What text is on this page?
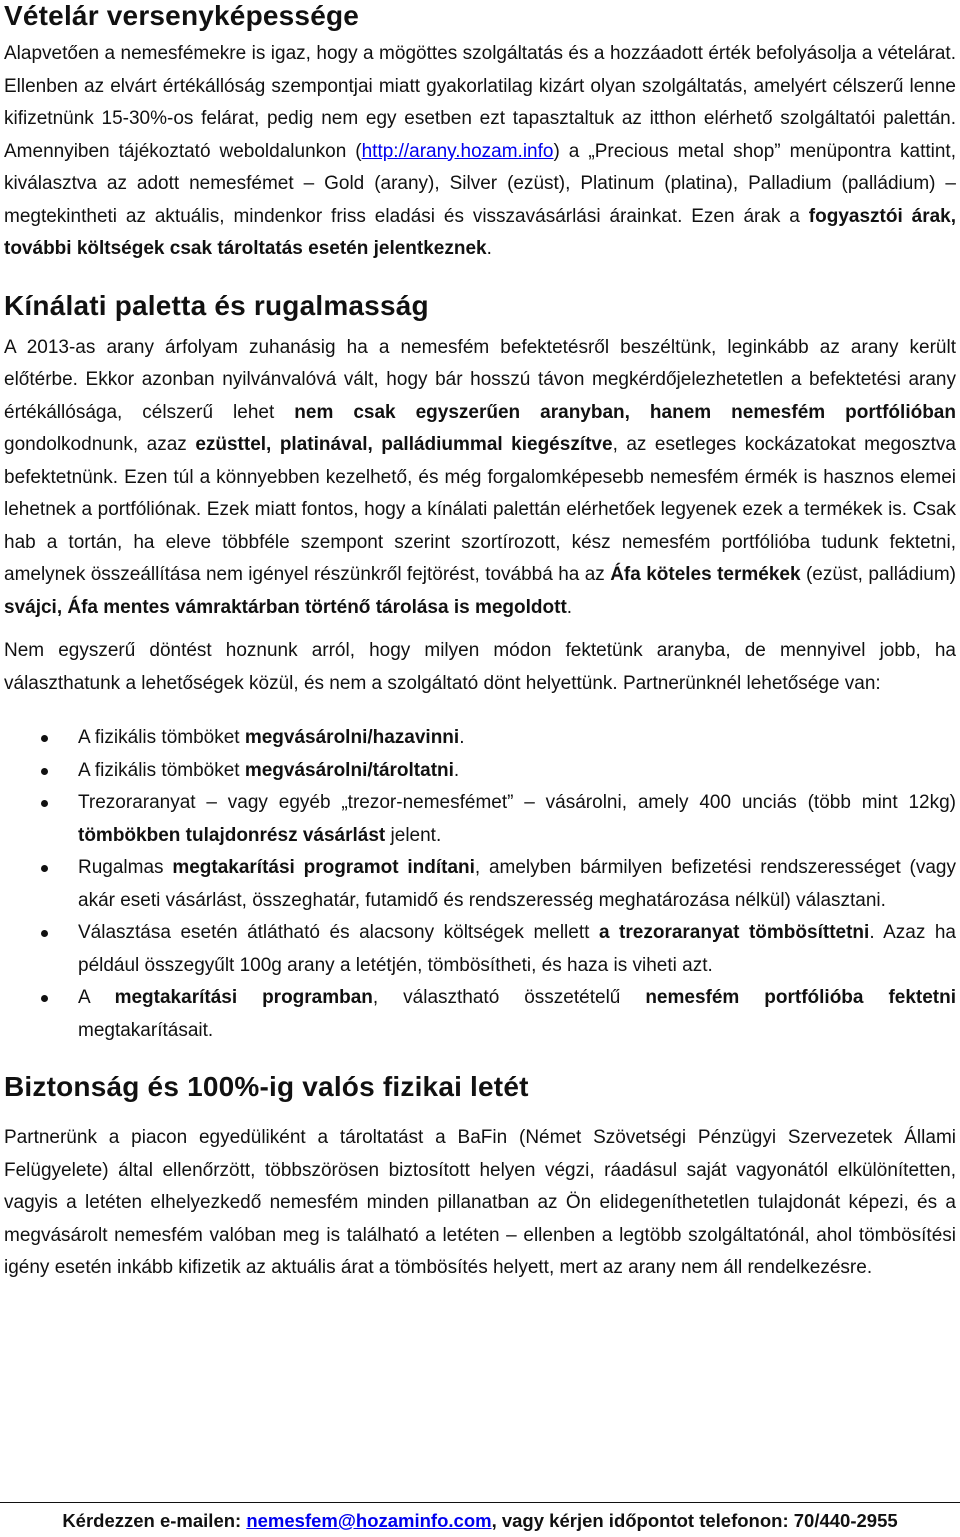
Vételár versenyképessége

Alapvetően a nemesfémekre is igaz, hogy a mögöttes szolgáltatás és a hozzáadott érték befolyásolja a vételárat. Ellenben az elvárt értékállóság szempontjai miatt gyakorlatilag kizárt olyan szolgáltatás, amelyért célszerű lenne kifizetnünk 15-30%-os felárat, pedig nem egy esetben ezt tapasztaltuk az itthon elérhető szolgáltatói palettán. Amennyiben tájékoztató weboldalunkon (http://arany.hozam.info) a „Precious metal shop” menüpontra kattint, kiválasztva az adott nemesfémet – Gold (arany), Silver (ezüst), Platinum (platina), Palladium (palládium) – megtekintheti az aktuális, mindenkor friss eladási és visszavásárlási árainkat. Ezen árak a fogyasztói árak, további költségek csak tároltatás esetén jelentkeznek.

Kínálati paletta és rugalmasság

A 2013-as arany árfolyam zuhanásig ha a nemesfém befektetésről beszéltünk, leginkább az arany került előtérbe. Ekkor azonban nyilvánvalóvá vált, hogy bár hosszú távon megkérdőjelezhetetlen a befektetési arany értékállósága, célszerű lehet nem csak egyszerűen aranyban, hanem nemesfém portfólióban gondolkodnunk, azaz ezüsttel, platinával, palládiummal kiegészítve, az esetleges kockázatokat megosztva befektetnünk. Ezen túl a könnyebben kezelhető, és még forgalomképesebb nemesfém érmék is hasznos elemei lehetnek a portfóliónak. Ezek miatt fontos, hogy a kínálati palettán elérhetőek legyenek ezek a termékek is. Csak hab a tortán, ha eleve többféle szempont szerint szortírozott, kész nemesfém portfólióba tudunk fektetni, amelynek összeállítása nem igényel részünkről fejtörést, továbbá ha az Áfa köteles termékek (ezüst, palládium) svájci, Áfa mentes vámraktárban történő tárolása is megoldott.

Nem egyszerű döntést hoznunk arról, hogy milyen módon fektetünk aranyba, de mennyivel jobb, ha választhatunk a lehetőségek közül, és nem a szolgáltató dönt helyettünk. Partnerünknél lehetősége van:

A fizikális tömböket megvásárolni/hazavinni.
A fizikális tömböket megvásárolni/tároltatni.
Trezoraranyat – vagy egyéb „trezor-nemesfémet” – vásárolni, amely 400 unciás (több mint 12kg) tömbökben tulajdonrész vásárlást jelent.
Rugalmas megtakarítási programot indítani, amelyben bármilyen befizetési rendszerességet (vagy akár eseti vásárlást, összeghatár, futamidő és rendszeresség meghatározása nélkül) választani.
Választása esetén átlátható és alacsony költségek mellett a trezoraranyat tömbösíttetni. Azaz ha például összegyűlt 100g arany a letétjén, tömbösítheti, és haza is viheti azt.
A megtakarítási programban, választható összetételű nemesfém portfólióba fektetni megtakarításait.
Biztonság és 100%-ig valós fizikai letét

Partnerünk a piacon egyedüliként a tároltatást a BaFin (Német Szövetségi Pénzügyi Szervezetek Állami Felügyelete) által ellenőrzött, többszörösen biztosított helyen végzi, ráadásul saját vagyonától elkülönítetten, vagyis a letéten elhelyezkedő nemesfém minden pillanatban az Ön elidegeníthetetlen tulajdonát képezi, és a megvásárolt nemesfém valóban meg is található a letéten – ellenben a legtöbb szolgáltatónál, ahol tömbösítési igény esetén inkább kifizetik az aktuális árat a tömbösítés helyett, mert az arany nem áll rendelkezésre.

Kérdezzen e-mailen: nemesfem@hozaminfo.com, vagy kérjen időpontot telefonon: 70/440-2955
